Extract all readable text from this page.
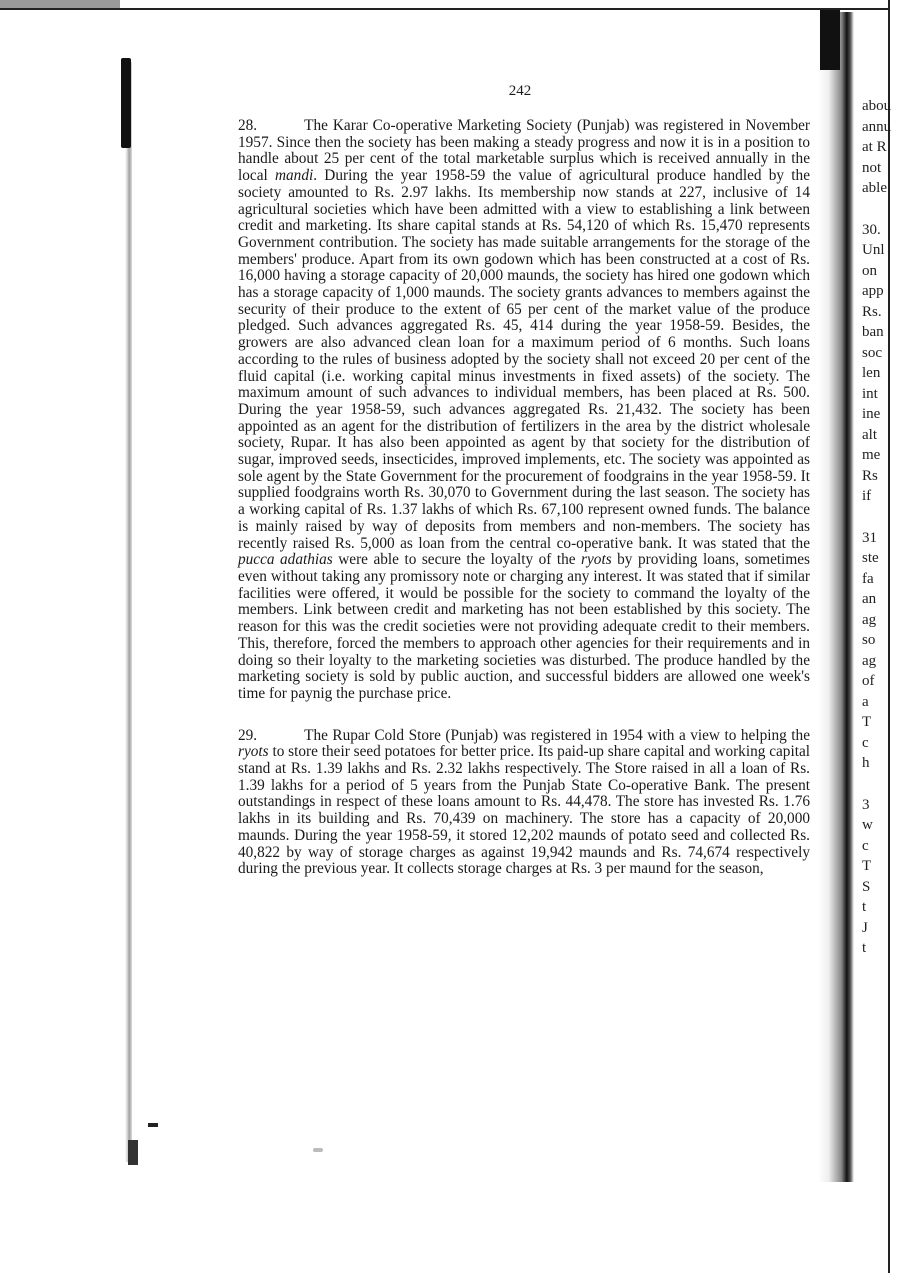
242

28.	The Karar Co-operative Marketing Society (Punjab) was registered in November 1957. Since then the society has been making a steady progress and now it is in a position to handle about 25 per cent of the total marketable surplus which is received annually in the local mandi. During the year 1958-59 the value of agricultural produce handled by the society amounted to Rs. 2.97 lakhs. Its membership now stands at 227, inclusive of 14 agricultural societies which have been admitted with a view to establishing a link between credit and marketing. Its share capital stands at Rs. 54,120 of which Rs. 15,470 represents Government contribution. The society has made suitable arrangements for the storage of the members' produce. Apart from its own godown which has been constructed at a cost of Rs. 16,000 having a storage capacity of 20,000 maunds, the society has hired one godown which has a storage capacity of 1,000 maunds. The society grants advances to members against the security of their produce to the extent of 65 per cent of the market value of the produce pledged. Such advances aggregated Rs. 45, 414 during the year 1958-59. Besides, the growers are also advanced clean loan for a maximum period of 6 months. Such loans according to the rules of business adopted by the society shall not exceed 20 per cent of the fluid capital (i.e. working capital minus investments in fixed assets) of the society. The maximum amount of such advances to individual members, has been placed at Rs. 500. During the year 1958-59, such advances aggregated Rs. 21,432. The society has been appointed as an agent for the distribution of fertilizers in the area by the district wholesale society, Rupar. It has also been appointed as agent by that society for the distribution of sugar, improved seeds, insecticides, improved implements, etc. The society was appointed as sole agent by the State Government for the procurement of foodgrains in the year 1958-59. It supplied foodgrains worth Rs. 30,070 to Government during the last season. The society has a working capital of Rs. 1.37 lakhs of which Rs. 67,100 represent owned funds. The balance is mainly raised by way of deposits from members and non-members. The society has recently raised Rs. 5,000 as loan from the central co-operative bank. It was stated that the pucca adathias were able to secure the loyalty of the ryots by providing loans, sometimes even without taking any promissory note or charging any interest. It was stated that if similar facilities were offered, it would be possible for the society to command the loyalty of the members. Link between credit and marketing has not been established by this society. The reason for this was the credit societies were not providing adequate credit to their members. This, therefore, forced the members to approach other agencies for their requirements and in doing so their loyalty to the marketing societies was disturbed. The produce handled by the marketing society is sold by public auction, and successful bidders are allowed one week's time for paynig the purchase price.

29.	The Rupar Cold Store (Punjab) was registered in 1954 with a view to helping the ryots to store their seed potatoes for better price. Its paid-up share capital and working capital stand at Rs. 1.39 lakhs and Rs. 2.32 lakhs respectively. The Store raised in all a loan of Rs. 1.39 lakhs for a period of 5 years from the Punjab State Co-operative Bank. The present outstandings in respect of these loans amount to Rs. 44,478. The store has invested Rs. 1.76 lakhs in its building and Rs. 70,439 on machinery. The store has a capacity of 20,000 maunds. During the year 1958-59, it stored 12,202 maunds of potato seed and collected Rs. 40,822 by way of storage charges as against 19,942 maunds and Rs. 74,674 respectively during the previous year. It collects storage charges at Rs. 3 per maund for the season,

abou
annu
at R
not
able
30.
Unl
on
app
Rs.
ban
soc
len
int
ine
alt
me
Rs
if
31
ste
fa
an
ag
so
ag
of
a
T
c
h
3
w
c
T
S
t
J
t
